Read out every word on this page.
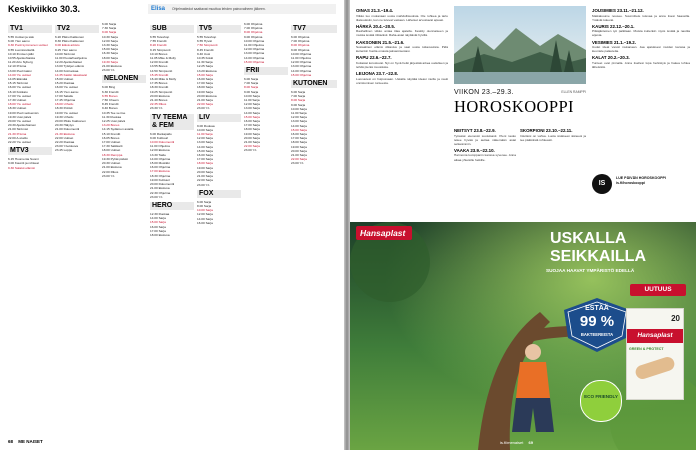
Keskiviikko 30.3.	Elisa Ohjelmatiedot saattavat muuttua lehden painovaiheen jälkeen.
TV1

5.55 Uutiset ja sää

6.00 Ylen aamu

9.30 Puoli kymmenen uutiset

9.55 Luontoretkellä

10.10 Ihmisen jälki

10.55 Ajankohtaista

11.20 Arto Nyberg

12.10 Prisma

13.00 Puoli kaksi

14.00 Yle uutiset

14.05 Elämää

15.15 Strömsö

16.00 Yle uutiset

16.10 Kotikatu

17.00 Yle uutiset

17.30 Uutiset

18.00 Yle uutiset

18.30 Uutiset

19.00 Puoli seitsemän

19.30 Uusi päivä

20.00 Yle uutiset

20.30 Ajankohtainen

21.00 Strömsö

21.30 Prisma

22.00 A-studio

22.20 Yle uutiset

MTV3

6.15 Huomenta Suomi

9.00 Kauniit ja rohkeat

9.30 Salatut elämät

TV2

6.20 Pikku Kakkonen

8.30 Pikku Kakkonen

9.00 Elävä arkisto

9.25 Ylen aamu

10.00 Strömsö

11.00 Puutarhaohjelma

12.20 Ajankohtaiset

13.00 Tyttöjen elämä

14.00 Kotiruokaa

14.35 Kaikki rakastavat

15.00 Uutiset

15.20 Ruokaa

16.00 Yle uutiset

16.15 Ylen aamu

17.00 Salattu

17.45 Ohjelma

18.00 Urheilu

18.30 Poliisit

19.00 Yle uutiset

19.30 Urheilu

20.00 Pikku Kakkonen

20.30 Hälytys

21.00 Dokumentti

21.30 Elokuva

22.00 Uutiset

22.20 Ruokaa

23.00 Yöelokuva

23.45 Loppu

6.00 Sarja

7.30 Sarja

9.00 Sarja

10.30 Sarja

12.00 Sarja

13.30 Sarja

15.00 Sarja

16.30 Sarja

18.00 Sarja

19.30 Sarja

21.00 Elokuva

23.00 Yö

NELONEN

6.00 Bing

6.30 Frendit

6.55 Bones

7.50 Cheers

8.45 Frendit

9.40 Bones

10.35 Tee se itse

11.30 Ruokaa

12.25 Uusi päivä

13.20 Bones

14.15 Sydämen asialla

15.10 Frendit

16.05 Bones

17.00 Uutiset

17.30 Salkkarit

18.00 Uutiset

18.30 Remppa

19.30 Pyhät päivät

20.30 Uutiset

21.00 Elokuva

22.00 Rikos

23.00 Yö

SUB

6.55 Teleshop

7.55 Frendit

8.20 Frendit

9.15 Simpsonit

10.10 Bones

11.05 Mike & Molly

12.00 Frendit

13.55 Bones

14.50 Simpsonit

15.45 Frendit

16.40 Mike & Molly

17.35 Bones

18.30 Frendit

19.25 Simpsonit

20.00 Elokuva

21.40 Bones

22.35 Rikos

23.30 Yö

TV TEEMA & FEM

6.00 Rantapallo

9.00 Kulttuuri

10.00 Dokumentti

11.00 Ohjelma

12.00 Elokuva

13.30 Taide

14.00 Ohjelma

15.00 Musiikki

16.00 Ohjelma

17.00 Elokuva

18.30 Ohjelma

19.00 Kulttuuri

20.00 Dokumentti

21.00 Elokuva

22.30 Ohjelma

23.00 Yö

HERO

12.30 Ruokaa

14.00 Sarja

15.00 Sarja

16.00 Sarja

17.00 Sarja

18.00 Elokuva

TV5

5.55 Teleshop

6.55 Hyvät

7.50 Simpsonit

8.45 Frendit

9.40 Uusi

10.35 Kokki

11.30 Sarja

12.25 Sarja

13.20 Elokuva

15.00 Sarja

16.00 Sarja

17.00 Sarja

18.00 Sarja

19.00 Sarja

20.00 Elokuva

21.00 Sarja

22.00 Sarja

23.00 Yö

LIV

9.00 Ruokaa

10.00 Sarja

11.00 Sarja

12.00 Sarja

13.00 Sarja

14.00 Sarja

15.00 Sarja

16.00 Sarja

17.00 Sarja

18.00 Sarja

19.00 Sarja

20.00 Sarja

21.00 Sarja

22.00 Sarja

23.00 Yö

FOX

6.00 Sarja

8.00 Sarja

10.00 Sarja

12.00 Sarja

14.00 Sarja

16.00 Sarja

6.00 Ohjelma

7.00 Ohjelma

8.00 Ohjelma

9.00 Ohjelma

10.00 Ohjelma

11.00 Ohjelma

12.00 Ohjelma

13.00 Ohjelma

14.00 Ohjelma

15.00 Ohjelma

FRII

6.00 Sarja

7.00 Sarja

8.00 Sarja

9.00 Sarja

10.00 Sarja

11.00 Sarja

12.00 Sarja

13.00 Sarja

14.00 Sarja

15.00 Sarja

16.00 Sarja

17.00 Sarja

18.00 Sarja

19.00 Sarja

20.00 Sarja

21.00 Sarja

22.00 Sarja

23.00 Yö

TV7

6.00 Ohjelma

7.00 Ohjelma

8.00 Ohjelma

9.00 Ohjelma

10.00 Ohjelma

11.00 Ohjelma

12.00 Ohjelma

13.00 Ohjelma

14.00 Ohjelma

15.00 Ohjelma

KUTONEN

6.00 Sarja

7.00 Sarja

8.00 Sarja

9.00 Sarja

10.00 Sarja

11.00 Sarja

12.00 Sarja

13.00 Sarja

14.00 Sarja

15.00 Sarja

16.00 Sarja

17.00 Sarja

18.00 Sarja

19.00 Sarja

20.00 Sarja

21.00 Sarja

22.00 Sarja

23.00 Yö

68 ME NAISET
OINAS 21.3.–19.4.
Viikko tuo mukanaan uusia mahdollisuuksia. Ole rohkea ja tartu tilaisuuksiin, kun ne tulevat vastaan. Läheiset arvostavat apuasi.
HÄRKÄ 20.4.–20.5.
Rauhallinen viikko antaa tilaa ajatella. Keskity olennaiseen ja muista levätä riittävästi. Raha-asiat näyttävät hyviltä.
KAKSONEN 21.5.–21.6.
Sosiaalinen elämä vilkastuu ja saat uusia tuttavuuksia. Pidä kuitenkin huolta omasta jaksamisestasi.
RAPU 22.6.–22.7.
Kotiasiat korostuvat. Nyt on hyvä hetki järjestää arkea uudelleen ja tehdä pieniä muutoksia.
LEIJONA 23.7.–22.8.
Luovuutesi on huipussaan. Uskalla näyttää ideasi muille ja nauti onnistumisen tunteesta.
VIIKON 23.–29.3.
HOROSKOOPPI
ELLEN RAMPPI
NEITSYT 23.8.–22.9.
Työasiat etenevät suotuisasti. Pieni tauko tekee hyvää ja auttaa näkemään asiat selkeämmin.
VAAKA 23.9.–22.10.
Harmonia kumppanin kanssa syvenee. Anna aikaa yhteisille hetkille.
SKORPIONI 23.10.–22.11.
Intuitiosi on vahva. Luota sisäiseen ääneesi ja tee päätöksiä rohkeasti.
JOUSIMIES 23.11.–21.12.
Matkakuume nousee. Suunnittele tulevaa ja anna itsesi haaveilla. Ystävät tukevat.
KAURIS 22.12.–20.1.
Pitkäjänteinen työ palkitaan. Muista kuitenkin myös levätä ja nauttia arjesta.
VESIMIES 21.1.–19.2.
Uudet ideat vievät mukanaan. Jaa ajatuksesi muiden kanssa ja kuuntele palautetta.
KALAT 20.2.–20.3.
Tunteet ovat pinnalla. Anna itsellesi lupa herkistyä ja hakea lohtua läheisistä.
IS
LUE PÄIVÄN HOROSKOOPPI is.fi/horoskooppi
Hansaplast	USKALLA SEIKKAILLA
SUOJAA HAAVAT YMPÄRISTÖ EDELLÄ
UUTUUS
ESTÄÄ
99 %
BAKTEEREISTA	Hansaplast
GREEN & PROTECT
20
ECO FRIENDLY
is.fi/menaiset 69
